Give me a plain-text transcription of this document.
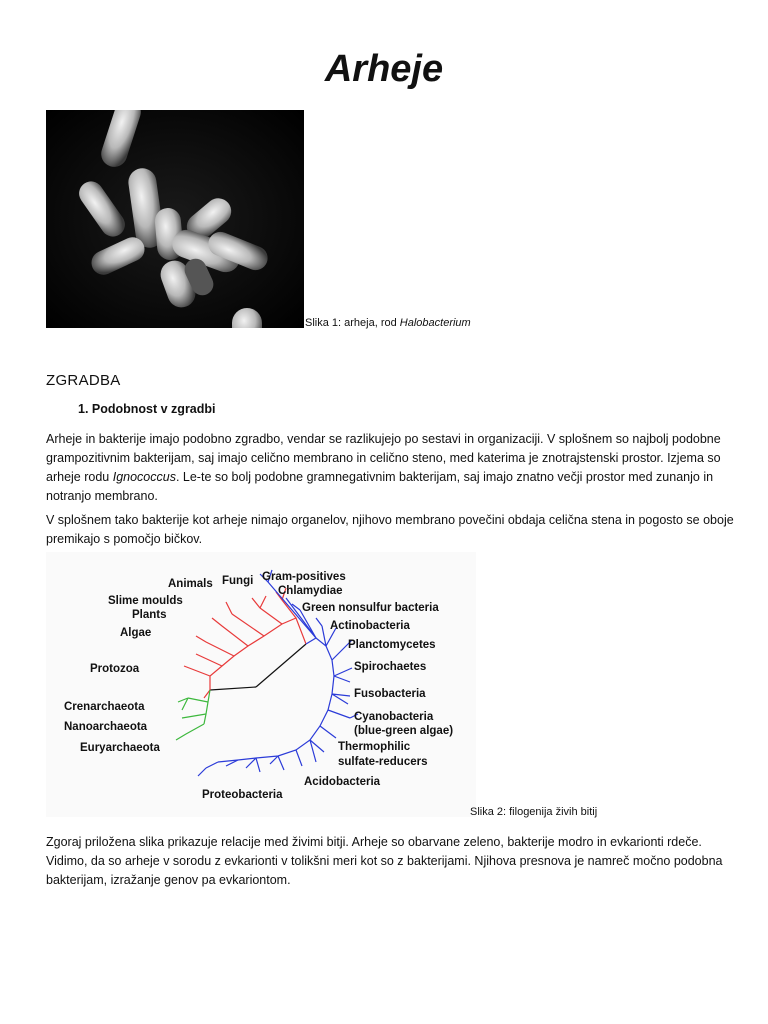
Arheje
Slika 1: arheja, rod Halobacterium
ZGRADBA
1. Podobnost v zgradbi

Arheje in bakterije imajo podobno zgradbo, vendar se razlikujejo po sestavi in organizaciji. V splošnem so najbolj podobne grampozitivnim bakterijam, saj imajo celično membrano in celično steno, med katerima je znotrajstenski prostor. Izjema so arheje rodu Ignococcus. Le-te so bolj podobne gramnegativnim bakterijam, saj imajo znatno večji prostor med zunanjo in notranjo membrano.

V splošnem tako bakterije kot arheje nimajo organelov, njihovo membrano povečini obdaja celična stena in pogosto se oboje premikajo s pomočjo bičkov.

Animals Fungi
Slime moulds
Plants
Algae
Protozoa
Crenarchaeota
Nanoarchaeota
Euryarchaeota
Gram-positives
Chlamydiae
Green nonsulfur bacteria
Actinobacteria
Planctomycetes
Spirochaetes
Fusobacteria
Cyanobacteria
(blue-green algae)
Thermophilic
sulfate-reducers
Acidobacteria
Proteobacteria
Slika 2: filogenija živih bitij

Zgoraj priložena slika prikazuje relacije med živimi bitji. Arheje so obarvane zeleno, bakterije modro in evkarionti rdeče. Vidimo, da so arheje v sorodu z evkarionti v tolikšni meri kot so z bakterijami. Njihova presnova je namreč močno podobna bakterijam, izražanje genov pa evkariontom.
